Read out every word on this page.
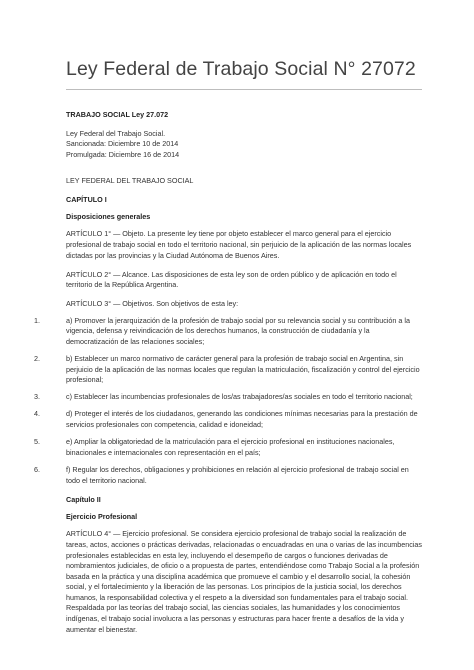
Ley Federal de Trabajo Social N° 27072

TRABAJO SOCIAL Ley 27.072

Ley Federal del Trabajo Social.

Sancionada: Diciembre 10 de 2014

Promulgada: Diciembre 16 de 2014

LEY FEDERAL DEL TRABAJO SOCIAL

CAPÍTULO I

Disposiciones generales

ARTÍCULO 1° — Objeto. La presente ley tiene por objeto establecer el marco general para el ejercicio profesional de trabajo social en todo el territorio nacional, sin perjuicio de la aplicación de las normas locales dictadas por las provincias y la Ciudad Autónoma de Buenos Aires.

ARTÍCULO 2° — Alcance. Las disposiciones de esta ley son de orden público y de aplicación en todo el territorio de la República Argentina.

ARTÍCULO 3° — Objetivos. Son objetivos de esta ley:

1.	a) Promover la jerarquización de la profesión de trabajo social por su relevancia social y su contribución a la vigencia, defensa y reivindicación de los derechos humanos, la construcción de ciudadanía y la democratización de las relaciones sociales;
2.	b) Establecer un marco normativo de carácter general para la profesión de trabajo social en Argentina, sin perjuicio de la aplicación de las normas locales que regulan la matriculación, fiscalización y control del ejercicio profesional;
3.	c) Establecer las incumbencias profesionales de los/as trabajadores/as sociales en todo el territorio nacional;
4.	d) Proteger el interés de los ciudadanos, generando las condiciones mínimas necesarias para la prestación de servicios profesionales con competencia, calidad e idoneidad;
5.	e) Ampliar la obligatoriedad de la matriculación para el ejercicio profesional en instituciones nacionales, binacionales e internacionales con representación en el país;
6.	f) Regular los derechos, obligaciones y prohibiciones en relación al ejercicio profesional de trabajo social en todo el territorio nacional.

Capítulo II

Ejercicio Profesional

ARTÍCULO 4° — Ejercicio profesional. Se considera ejercicio profesional de trabajo social la realización de tareas, actos, acciones o prácticas derivadas, relacionadas o encuadradas en una o varias de las incumbencias profesionales establecidas en esta ley, incluyendo el desempeño de cargos o funciones derivadas de nombramientos judiciales, de oficio o a propuesta de partes, entendiéndose como Trabajo Social a la profesión basada en la práctica y una disciplina académica que promueve el cambio y el desarrollo social, la cohesión social, y el fortalecimiento y la liberación de las personas. Los principios de la justicia social, los derechos humanos, la responsabilidad colectiva y el respeto a la diversidad son fundamentales para el trabajo social. Respaldada por las teorías del trabajo social, las ciencias sociales, las humanidades y los conocimientos indígenas, el trabajo social involucra a las personas y estructuras para hacer frente a desafíos de la vida y aumentar el bienestar.
